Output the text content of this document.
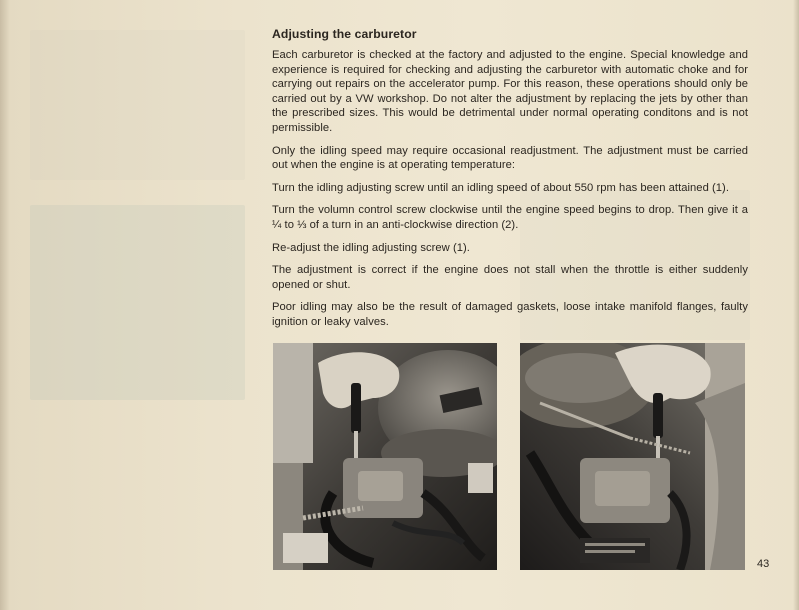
Adjusting the carburetor

Each carburetor is checked at the factory and adjusted to the engine. Special knowledge and experience is required for checking and adjusting the carburetor with automatic choke and for carrying out repairs on the accelerator pump. For this reason, these operations should only be carried out by a VW workshop. Do not alter the adjustment by replacing the jets by other than the prescribed sizes. This would be detrimental under normal operating conditons and is not permissible.

Only the idling speed may require occasional readjustment. The adjustment must be carried out when the engine is at operating temperature:

Turn the idling adjusting screw until an idling speed of about 550 rpm has been attained (1).

Turn the volumn control screw clockwise until the engine speed begins to drop. Then give it a ¼ to ⅓ of a turn in an anti-clockwise direction (2).

Re-adjust the idling adjusting screw (1).

The adjustment is correct if the engine does not stall when the throttle is either suddenly opened or shut.

Poor idling may also be the result of damaged gaskets, loose intake manifold flanges, faulty ignition or leaky valves.

43
